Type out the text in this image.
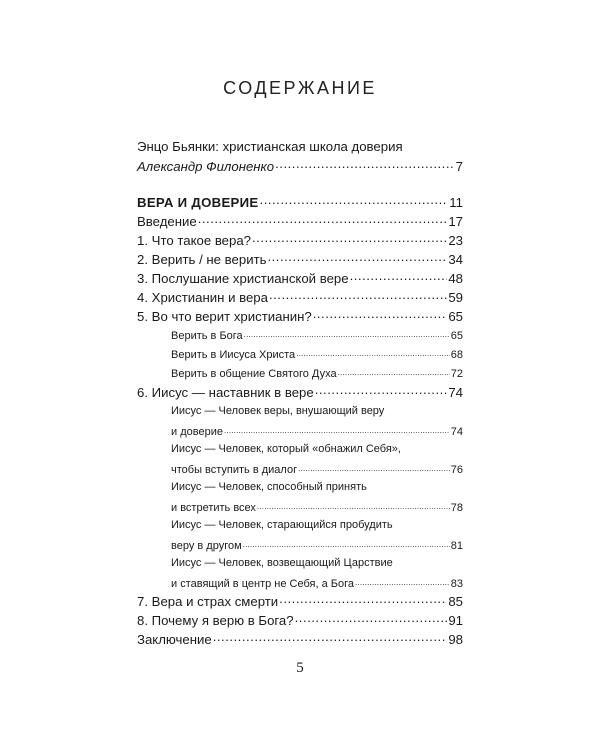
СОДЕРЖАНИЕ
Энцо Бьянки: христианская школа доверия
Александр Филоненко .....	7
ВЕРА И ДОВЕРИЕ .....	11
Введение .....	17
1. Что такое вера? .....	23
2. Верить / не верить .....	34
3. Послушание христианской вере .....	48
4. Христианин и вера .....	59
5. Во что верит христианин? .....	65
Верить в Бога .....	65
Верить в Иисуса Христа .....	68
Верить в общение Святого Духа .....	72
6. Иисус — наставник в вере .....	74
Иисус — Человек веры, внушающий веру
и доверие .....	74
Иисус — Человек, который «обнажил Себя»,
чтобы вступить в диалог .....	76
Иисус — Человек, способный принять
и встретить всех .....	78
Иисус — Человек, старающийся пробудить
веру в другом .....	81
Иисус — Человек, возвещающий Царствие
и ставящий в центр не Себя, а Бога .....	83
7. Вера и страх смерти .....	85
8. Почему я верю в Бога? .....	91
Заключение .....	98
5
